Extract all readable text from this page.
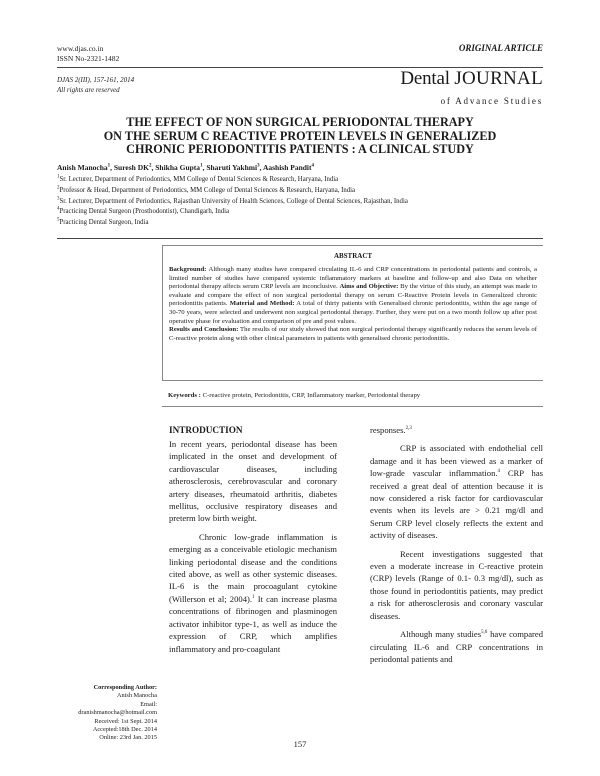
www.djas.co.in
ISSN No-2321-1482
ORIGINAL ARTICLE
DJAS 2(III), 157-161, 2014
All rights are reserved
Dental JOURNAL
of Advance Studies
THE EFFECT OF NON SURGICAL PERIODONTAL THERAPY
ON THE SERUM C REACTIVE PROTEIN LEVELS IN GENERALIZED
CHRONIC PERIODONTITIS PATIENTS : A CLINICAL STUDY
Anish Manocha$^1$, Suresh $DK^2$, Shikha Gupta$^1$, Sharuti Yakhmi$^3$, Aashish Pandit$^4$
$^1$Sr. Lecturer, Department of Periodontics, MM College of Dental Sciences & Research, Haryana, India
$^2$Professor & Head, Department of Periodontics, MM College of Dental Sciences & Research, Haryana, India
$^3$Sr. Lecturer, Department of Periodontics, Rajasthan University of Health Sciences, College of Dental Sciences, Rajasthan, India
$^4$Practicing Dental Surgeon (Prosthodontist), Chandigarh, India
$^5$Practicing Dental Surgeon, India
ABSTRACT
Background: Although many studies have compared circulating IL-6 and CRP concentrations in periodontal patients and controls, a limited number of studies have compared systemic inflammatory markers at baseline and follow-up and also Data on whether periodontal therapy affects serum CRP levels are inconclusive. Aims and Objective: By the virtue of this study, an attempt was made to evaluate and compare the effect of non surgical periodontal therapy on serum C-Reactive Protein levels in Generalized chronic periodontitis patients. Material and Method: A total of thirty patients with Generalised chronic periodontitis, within the age range of 30-70 years, were selected and underwent non surgical periodontal therapy. Further, they were put on a two month follow up after post operative phase for evaluation and comparison of pre and post values.
Results and Conclusion: The results of our study showed that non surgical periodontal therapy significantly reduces the serum levels of C-reactive protein along with other clinical parameters in patients with generalised chronic periodontitis.
Keywords : C-reactive protein, Periodontitis, CRP, Inflammatory marker, Periodontal therapy

INTRODUCTION

In recent years, periodontal disease has been implicated in the onset and development of cardiovascular diseases, including atherosclerosis, cerebrovascular and coronary artery diseases, rheumatoid arthritis, diabetes mellitus, occlusive respiratory diseases and preterm low birth weight.

Chronic low-grade inflammation is emerging as a conceivable etiologic mechanism linking periodontal disease and the conditions cited above, as well as other systemic diseases. IL-6 is the main procoagulant cytokine (Willerson et al; 2004).$^1$ It can increase plasma concentrations of fibrinogen and plasminogen activator inhibitor type-1, as well as induce the expression of CRP, which amplifies inflammatory and pro-coagulant

responses.$^{2,3}$

CRP is associated with endothelial cell damage and it has been viewed as a marker of low-grade vascular inflammation.$^4$ CRP has received a great deal of attention because it is now considered a risk factor for cardiovascular events when its levels are > 0.21 mg/dl and Serum CRP level closely reflects the extent and activity of diseases.

Recent investigations suggested that even a moderate increase in C-reactive protein (CRP) levels (Range of 0.1- 0.3 mg/dl), such as those found in periodontitis patients, may predict a risk for atherosclerosis and coronary vascular diseases.

Although many studies$^{5,6}$ have compared circulating IL-6 and CRP concentrations in periodontal patients and

Corresponding Author:
Anish Manocha
Email:
dranishmanocha@hotmail.com
Received: 1st Sept. 2014
Accepted:18th Dec. 2014
Online: 23rd Jan. 2015
157
